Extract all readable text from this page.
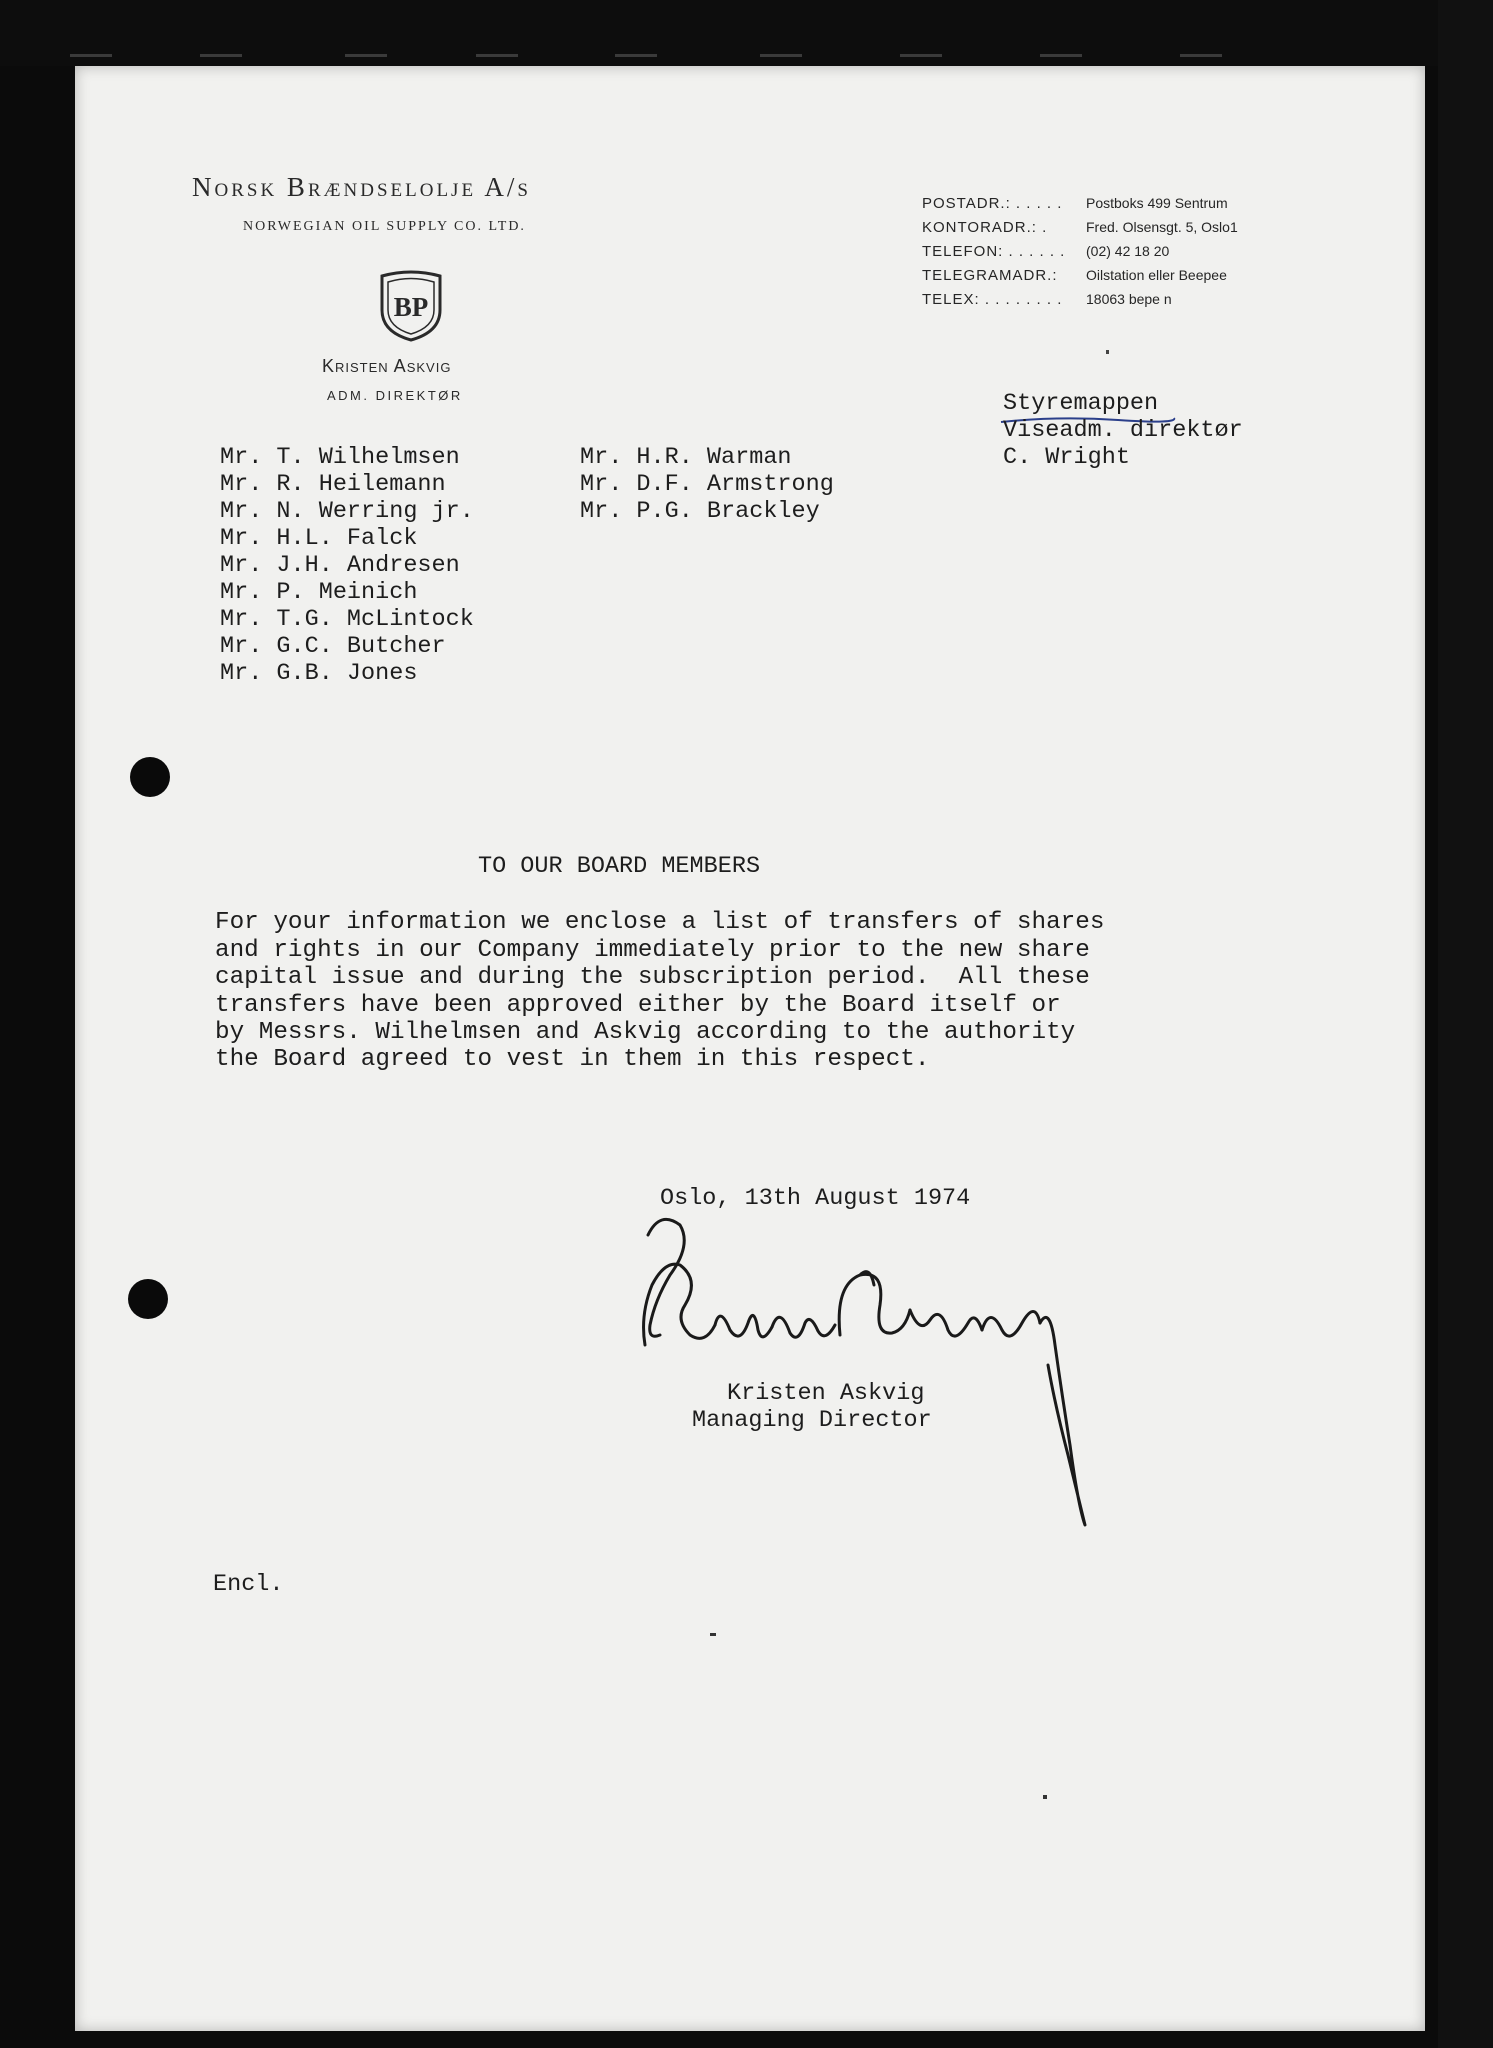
Norsk Brændselolje A/s
NORWEGIAN OIL SUPPLY CO. LTD.
BP
Kristen Askvig
ADM. DIREKTØR
POSTADR.: . . . . .	Postboks 499 Sentrum
KONTORADR.: .	Fred. Olsensgt. 5, Oslo1
TELEFON: . . . . . .	(02) 42 18 20
TELEGRAMADR.:	Oilstation eller Beepee
TELEX: . . . . . . . .	18063 bepe n
Styremappen
Viseadm. direktør
C. Wright
Mr. T. Wilhelmsen
Mr. R. Heilemann
Mr. N. Werring jr.
Mr. H.L. Falck
Mr. J.H. Andresen
Mr. P. Meinich
Mr. T.G. McLintock
Mr. G.C. Butcher
Mr. G.B. Jones
Mr. H.R. Warman
Mr. D.F. Armstrong
Mr. P.G. Brackley
TO OUR BOARD MEMBERS
For your information we enclose a list of transfers of shares
and rights in our Company immediately prior to the new share
capital issue and during the subscription period.  All these
transfers have been approved either by the Board itself or
by Messrs. Wilhelmsen and Askvig according to the authority
the Board agreed to vest in them in this respect.
Oslo, 13th August 1974
Kristen Askvig
Managing Director
Encl.
